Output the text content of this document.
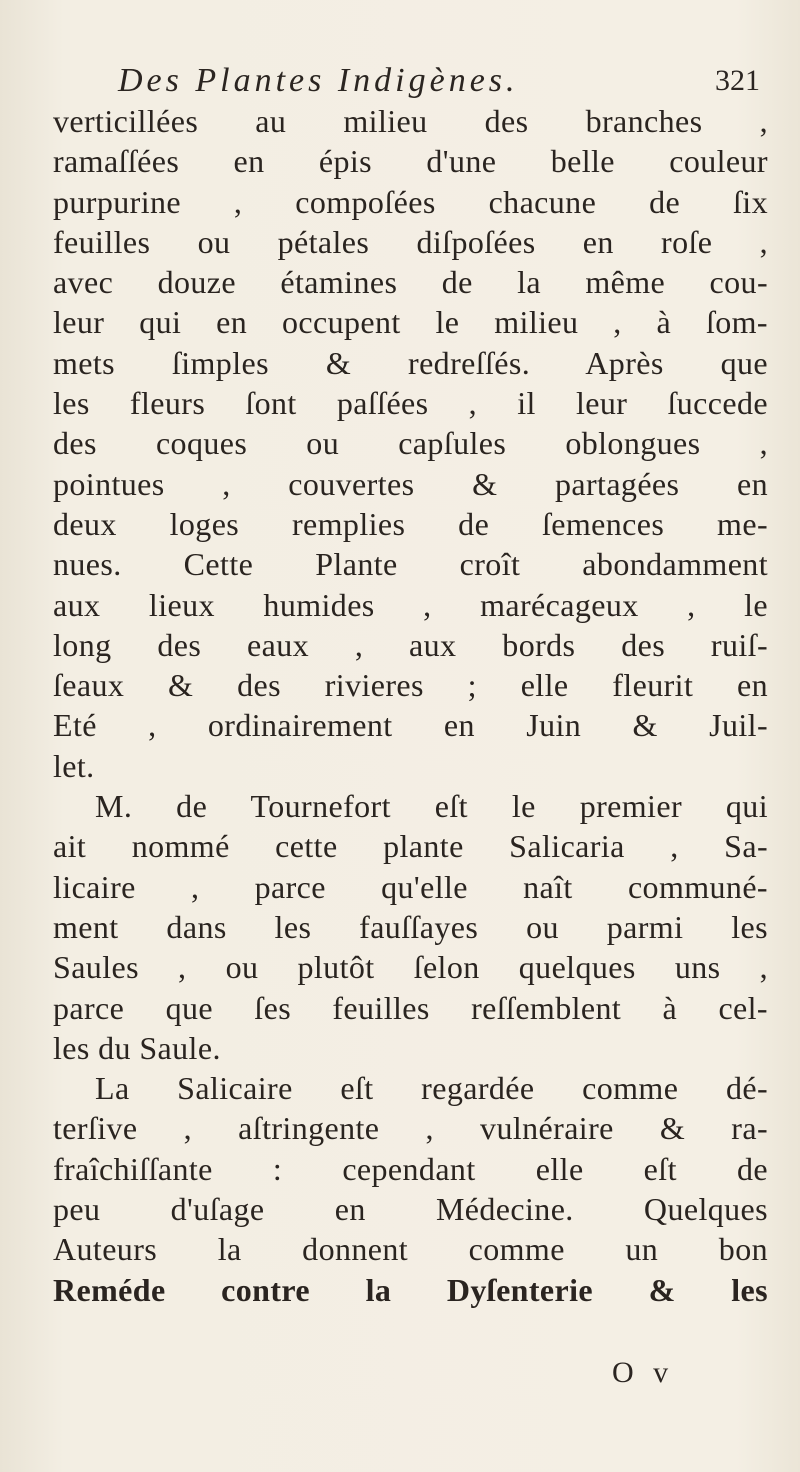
Des Plantes Indigènes.	321
verticillées au milieu des branches ,
ramaſſées en épis d'une belle couleur
purpurine , compoſées chacune de ſix
feuilles ou pétales diſpoſées en roſe ,
avec douze étamines de la même cou-
leur qui en occupent le milieu , à ſom-
mets ſimples & redreſſés. Après que
les fleurs ſont paſſées , il leur ſuccede
des coques ou capſules oblongues ,
pointues , couvertes & partagées en
deux loges remplies de ſemences me-
nues. Cette Plante croît abondamment
aux lieux humides , marécageux , le
long des eaux , aux bords des ruiſ-
ſeaux & des rivieres ; elle fleurit en
Eté , ordinairement en Juin & Juil-
let.
M. de Tournefort eſt le premier qui
ait nommé cette plante Salicaria , Sa-
licaire , parce qu'elle naît communé-
ment dans les fauſſayes ou parmi les
Saules , ou plutôt ſelon quelques uns ,
parce que ſes feuilles reſſemblent à cel-
les du Saule.
La Salicaire eſt regardée comme dé-
terſive , aſtringente , vulnéraire & ra-
fraîchiſſante : cependant elle eſt de
peu d'uſage en Médecine. Quelques
Auteurs la donnent comme un bon
Reméde contre la Dyſenterie & les
O v
